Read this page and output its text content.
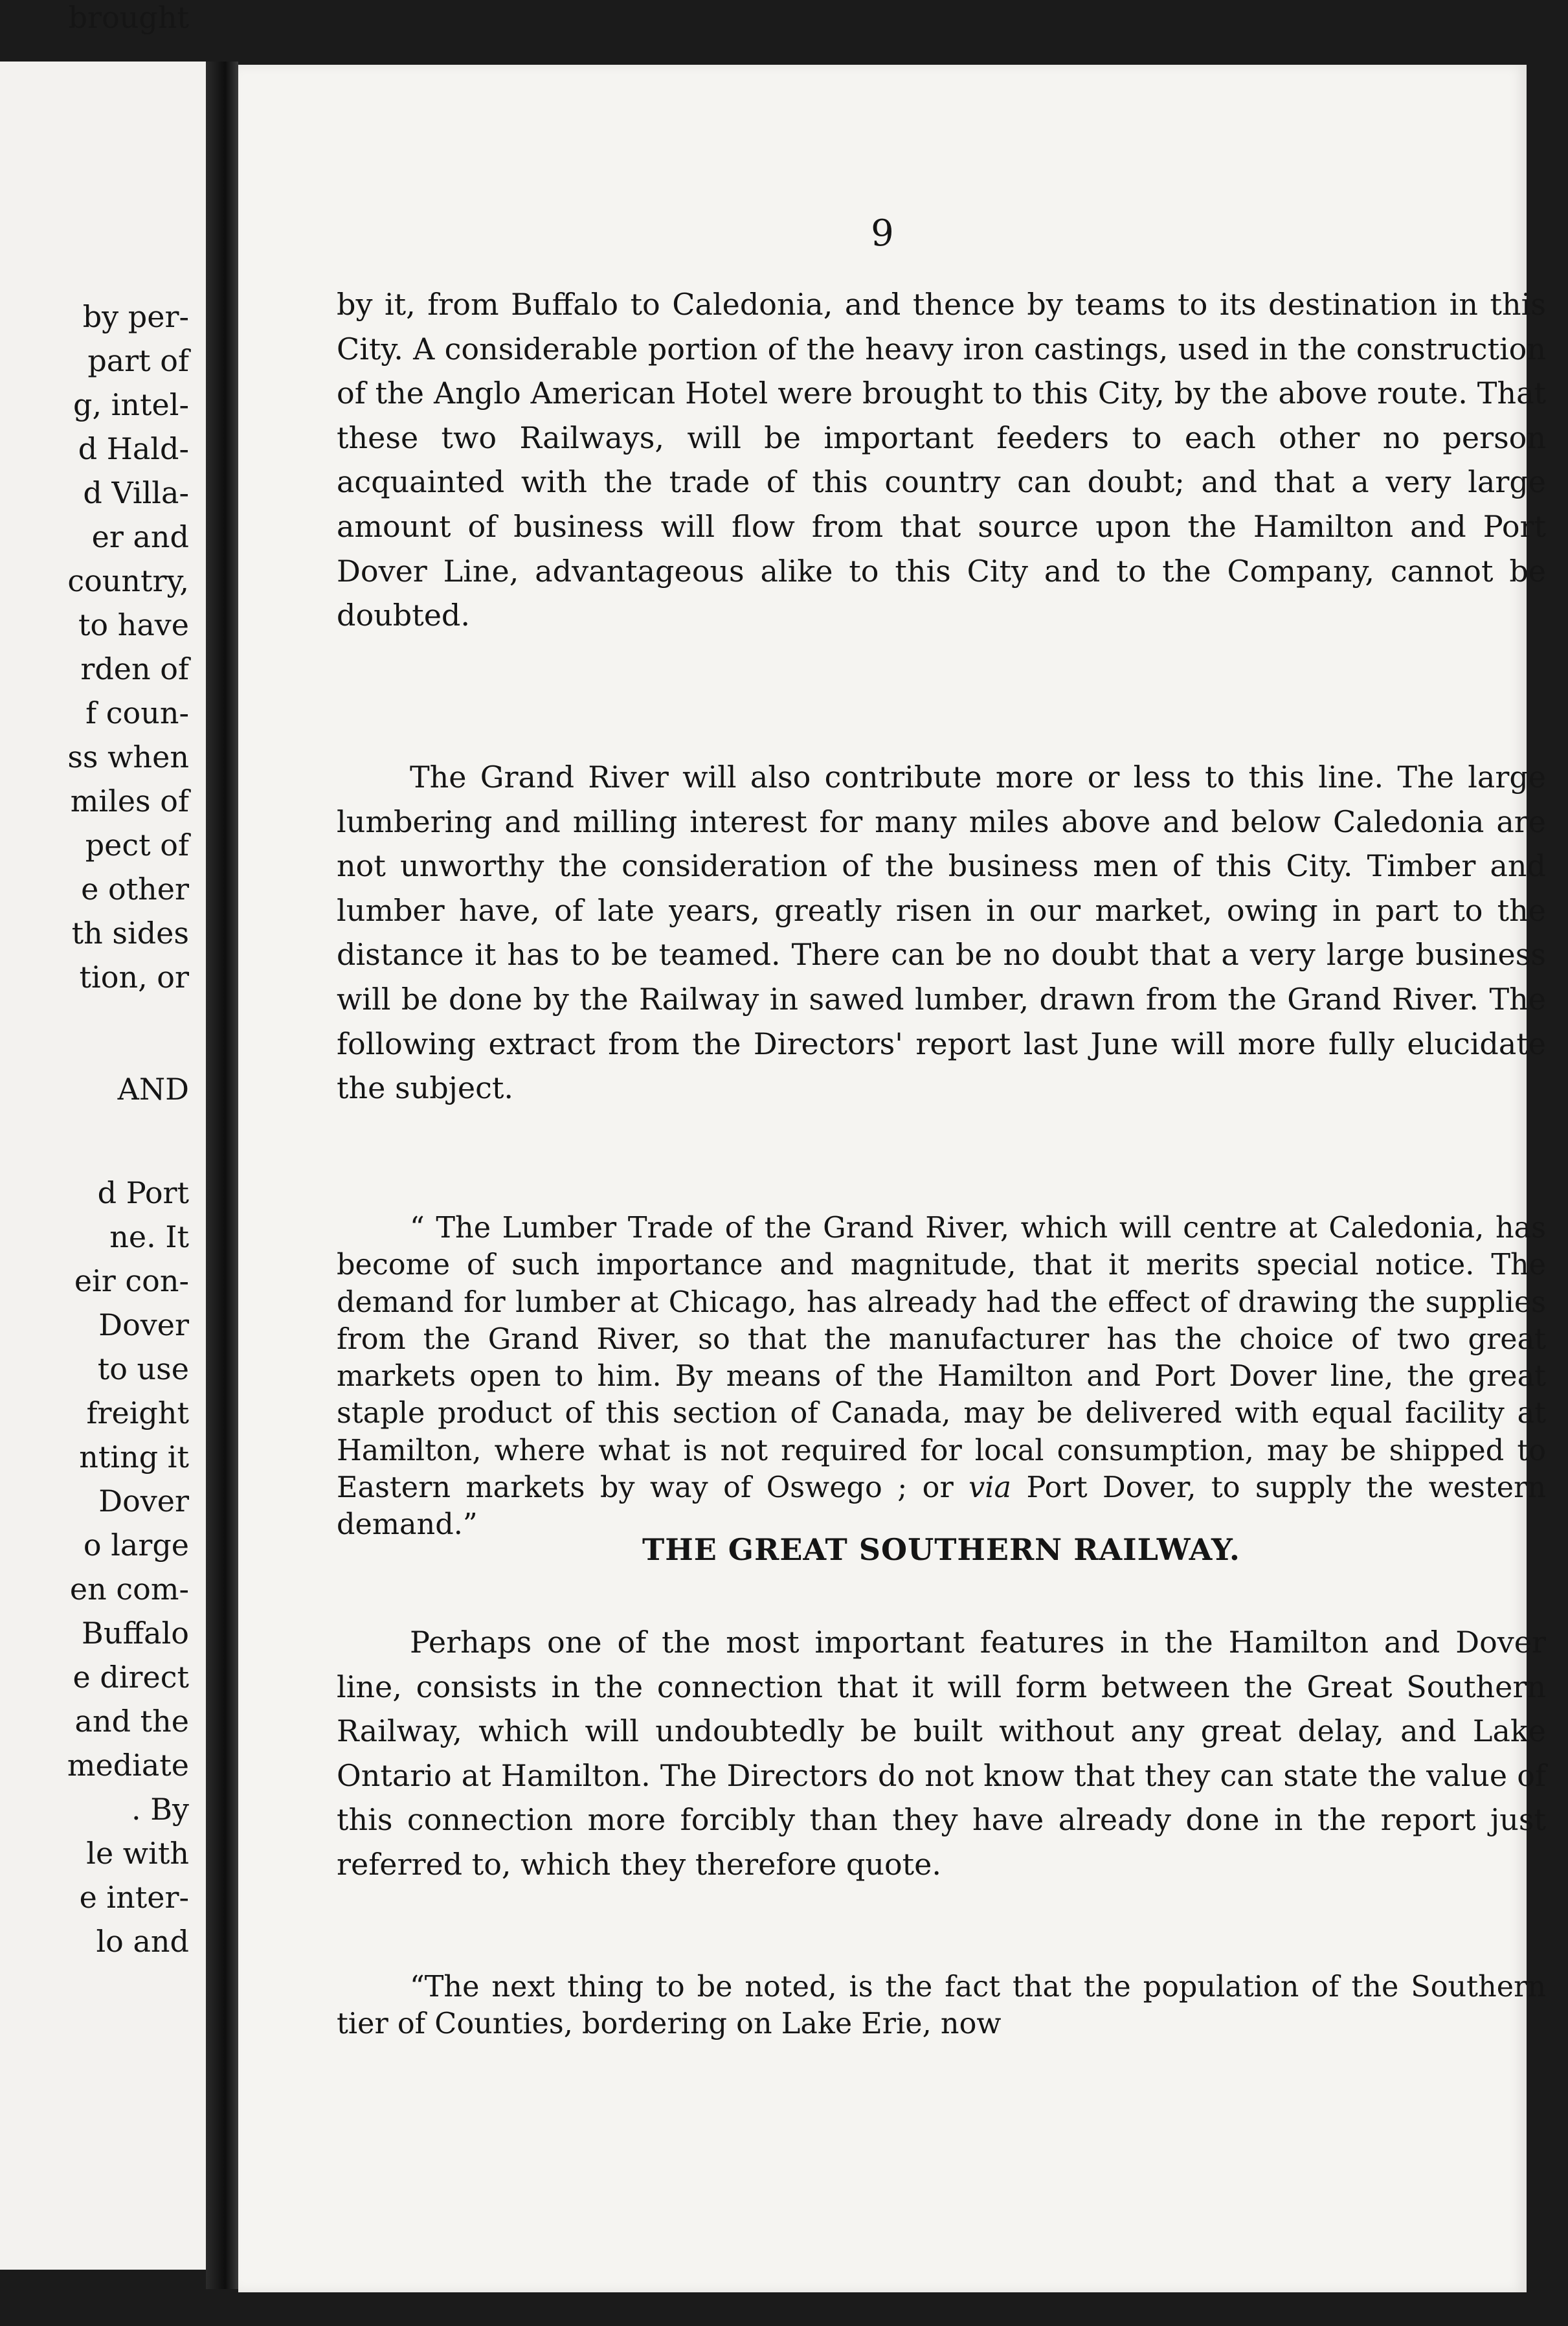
by per-
part of
g, intel-
d Hald-
d Villa-
er and
country,
to have
rden of
f coun-
ss when
miles of
pect of
e other
th sides
tion, or
AND
d Port
ne. It
eir con-
Dover
to use
freight
nting it
Dover
o large
en com-
Buffalo
e direct
and the
mediate
. By
le with
e inter-
lo and
brought
9

by it, from Buffalo to Caledonia, and thence by teams to its destination in this City. A considerable portion of the heavy iron castings, used in the construction of the Anglo American Hotel were brought to this City, by the above route. That these two Railways, will be important feeders to each other no person acquainted with the trade of this country can doubt; and that a very large amount of business will flow from that source upon the Hamilton and Port Dover Line, advantageous alike to this City and to the Company, cannot be doubted.

The Grand River will also contribute more or less to this line. The large lumbering and milling interest for many miles above and below Caledonia are not unworthy the consideration of the business men of this City. Timber and lumber have, of late years, greatly risen in our market, owing in part to the distance it has to be teamed. There can be no doubt that a very large business will be done by the Railway in sawed lumber, drawn from the Grand River. The following extract from the Directors' report last June will more fully elucidate the subject.

“ The Lumber Trade of the Grand River, which will centre at Caledonia, has become of such importance and magnitude, that it merits special notice. The demand for lumber at Chicago, has already had the effect of drawing the supplies from the Grand River, so that the manufacturer has the choice of two great markets open to him. By means of the Hamilton and Port Dover line, the great staple product of this section of Canada, may be delivered with equal facility at Hamilton, where what is not required for local consumption, may be shipped to Eastern markets by way of Oswego ; or via Port Dover, to supply the western demand.”

THE GREAT SOUTHERN RAILWAY.

Perhaps one of the most important features in the Hamilton and Dover line, consists in the connection that it will form between the Great Southern Railway, which will undoubtedly be built without any great delay, and Lake Ontario at Hamilton. The Directors do not know that they can state the value of this connection more forcibly than they have already done in the report just referred to, which they therefore quote.

“The next thing to be noted, is the fact that the population of the Southern tier of Counties, bordering on Lake Erie, now
